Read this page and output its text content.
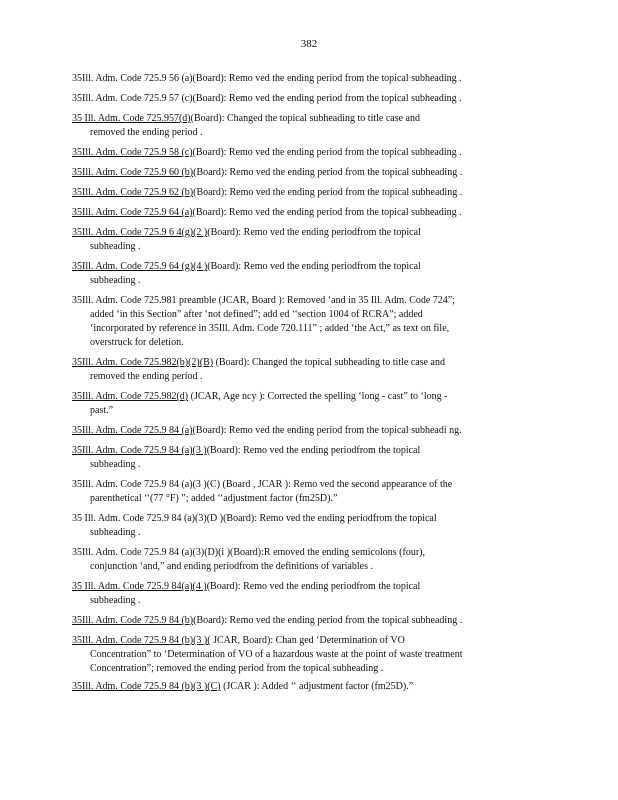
382
35Ill. Adm. Code 725.9 56 (a)(Board): Remo ved the ending period from the topical subheading .
35Ill. Adm. Code 725.9 57 (c)(Board): Remo ved the ending period from the topical subheading .
35 Ill. Adm. Code 725.957(d)(Board): Changed the topical subheading to title case and
removed the ending period .
35Ill. Adm. Code 725.9 58 (c)(Board): Remo ved the ending period from the topical subheading .
35Ill. Adm. Code 725.9 60 (b)(Board): Remo ved the ending period from the topical subheading .
35Ill. Adm. Code 725.9 62 (b)(Board): Remo ved the ending period from the topical subheading .
35Ill. Adm. Code 725.9 64 (a)(Board): Remo ved the ending period from the topical subheading .
35Ill. Adm. Code 725.9 6 4(g)(2 )(Board): Remo ved the ending periodfrom the topical
subheading .
35Ill. Adm. Code 725.9 64 (g)(4 )(Board): Remo ved the ending periodfrom the topical
subheading .
35Ill. Adm. Code 725.981 preamble (JCAR, Board ): Removed ‘and in 35 Ill. Adm. Code 724”;
added ‘in this Section” after ‘not defined”; add ed ‘‘section 1004 of RCRA”; added
‘incorporated by reference in 35Ill. Adm. Code 720.111” ; added ‘the Act,” as text on file,
overstruck for deletion.
35Ill. Adm. Code 725.982(b)(2)(B) (Board): Changed the topical subheading to title case and
removed the ending period .
35Ill. Adm. Code 725.982(d) (JCAR, Age ncy ): Corrected the spelling ‘long - cast” to ‘long -
past.”
35Ill. Adm. Code 725.9 84 (a)(Board): Remo ved the ending period from the topical subheadi ng.
35Ill. Adm. Code 725.9 84 (a)(3 )(Board): Remo ved the ending periodfrom the topical
subheading .
35Ill. Adm. Code 725.9 84 (a)(3 )(C) (Board , JCAR ): Remo ved the second appearance of the
parenthetical ‘‘(77 °F) ”; added ‘‘adjustment factor (fm25D).”
35 Ill. Adm. Code 725.9 84 (a)(3)(D )(Board): Remo ved the ending periodfrom the topical
subheading .
35Ill. Adm. Code 725.9 84 (a)(3)(D)(i )(Board):R emoved the ending semicolons (four),
conjunction ‘and,” and ending periodfrom the definitions of variables .
35 Ill. Adm. Code 725.9 84(a)(4 )(Board): Remo ved the ending periodfrom the topical
subheading .
35Ill. Adm. Code 725.9 84 (b)(Board): Remo ved the ending period from the topical subheading .
35Ill. Adm. Code 725.9 84 (b)(3 )( JCAR, Board): Chan ged ‘Determination of VO
Concentration” to ‘Determination of VO of a hazardous waste at the point of waste treatment
Concentration”; removed the ending period from the topical subheading .
35Ill. Adm. Code 725.9 84 (b)(3 )(C) (JCAR ): Added ‘‘ adjustment factor (fm25D).”
